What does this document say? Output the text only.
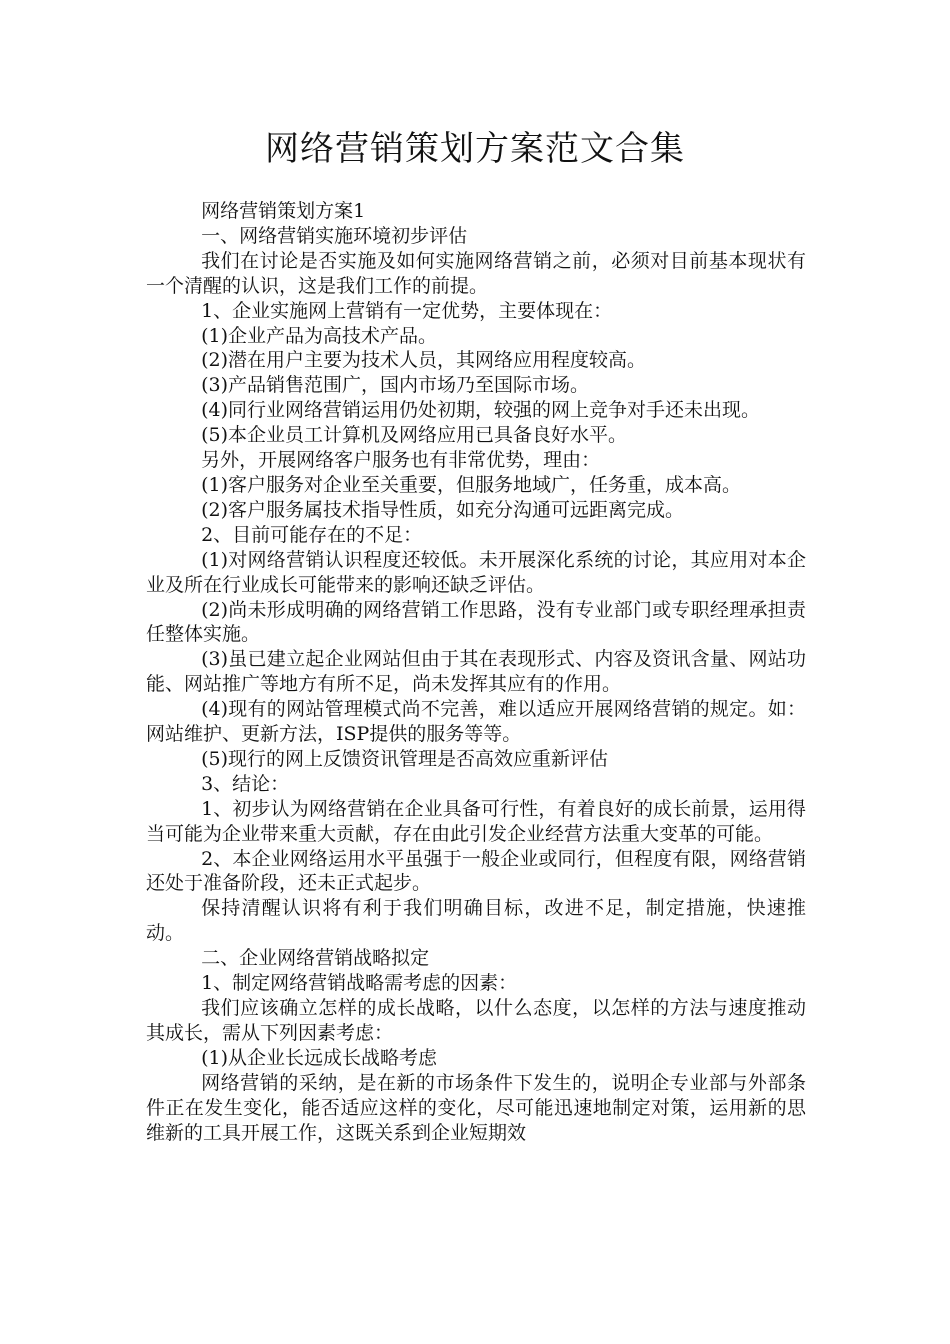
网络营销策划方案范文合集

网络营销策划方案1

一、网络营销实施环境初步评估

我们在讨论是否实施及如何实施网络营销之前，必须对目前基本现状有一个清醒的认识，这是我们工作的前提。

1、企业实施网上营销有一定优势，主要体现在：

(1)企业产品为高技术产品。

(2)潜在用户主要为技术人员，其网络应用程度较高。

(3)产品销售范围广，国内市场乃至国际市场。

(4)同行业网络营销运用仍处初期，较强的网上竞争对手还未出现。

(5)本企业员工计算机及网络应用已具备良好水平。

另外，开展网络客户服务也有非常优势，理由：

(1)客户服务对企业至关重要，但服务地域广，任务重，成本高。

(2)客户服务属技术指导性质，如充分沟通可远距离完成。

2、目前可能存在的不足：

(1)对网络营销认识程度还较低。未开展深化系统的讨论，其应用对本企业及所在行业成长可能带来的影响还缺乏评估。

(2)尚未形成明确的网络营销工作思路，没有专业部门或专职经理承担责任整体实施。

(3)虽已建立起企业网站但由于其在表现形式、内容及资讯含量、网站功能、网站推广等地方有所不足，尚未发挥其应有的作用。

(4)现有的网站管理模式尚不完善，难以适应开展网络营销的规定。如：网站维护、更新方法，ISP提供的服务等等。

(5)现行的网上反馈资讯管理是否高效应重新评估

3、结论：

1、初步认为网络营销在企业具备可行性，有着良好的成长前景，运用得当可能为企业带来重大贡献，存在由此引发企业经营方法重大变革的可能。

2、本企业网络运用水平虽强于一般企业或同行，但程度有限，网络营销还处于准备阶段，还未正式起步。

保持清醒认识将有利于我们明确目标，改进不足，制定措施，快速推动。

二、企业网络营销战略拟定

1、制定网络营销战略需考虑的因素：

我们应该确立怎样的成长战略，以什么态度，以怎样的方法与速度推动其成长，需从下列因素考虑：

(1)从企业长远成长战略考虑

网络营销的采纳，是在新的市场条件下发生的，说明企专业部与外部条件正在发生变化，能否适应这样的变化，尽可能迅速地制定对策，运用新的思维新的工具开展工作，这既关系到企业短期效
